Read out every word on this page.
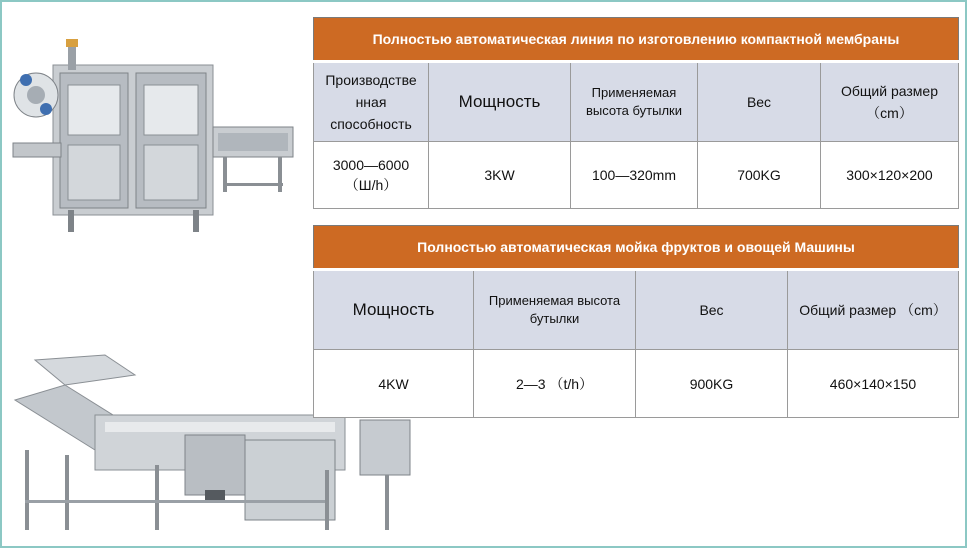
Полностью автоматическая линия по изготовлению компактной мембраны				
Производстве нная способность	Мощность	Применяемая высота бутылки	Вес	Общий размер （cm）
3000—6000 （Ш/h）	3KW	100—320mm	700KG	300×120×200
Полностью автоматическая мойка фруктов и овощей Машины			
Мощность	Применяемая высота бутылки	Вес	Общий размер （cm）
4KW	2—3 （t/h）	900KG	460×140×150
